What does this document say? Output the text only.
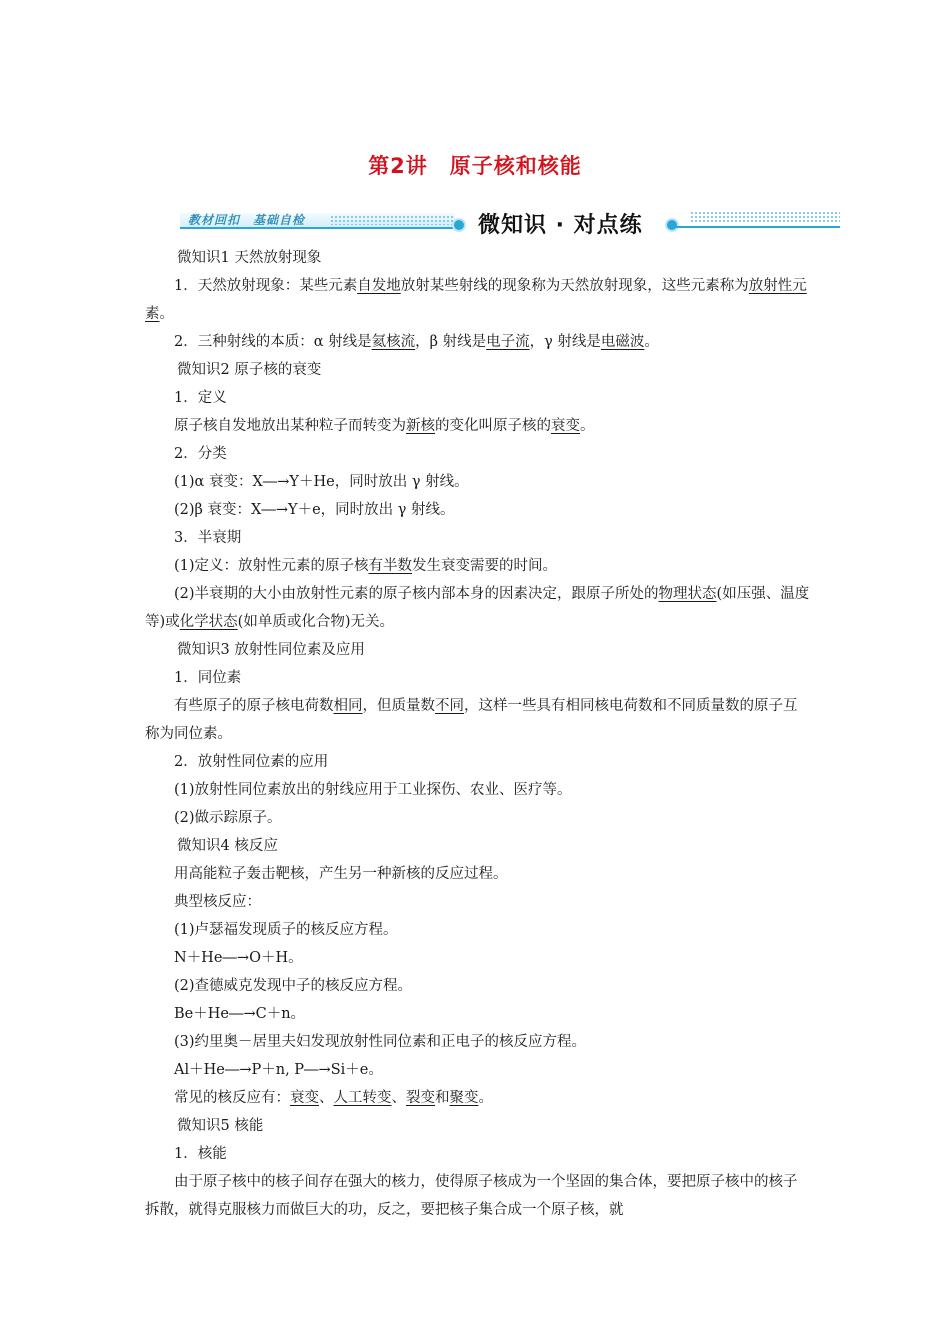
第2讲　原子核和核能
教材回扣　基础自检	微知识 · 对点练

微知识1 天然放射现象

1．天然放射现象：某些元素自发地放射某些射线的现象称为天然放射现象，这些元素称为放射性元素。

2．三种射线的本质：α 射线是氦核流，β 射线是电子流，γ 射线是电磁波。

微知识2 原子核的衰变

1．定义

原子核自发地放出某种粒子而转变为新核的变化叫原子核的衰变。

2．分类

(1)α 衰变：X―→Y＋He，同时放出 γ 射线。

(2)β 衰变：X―→Y＋e，同时放出 γ 射线。

3．半衰期

(1)定义：放射性元素的原子核有半数发生衰变需要的时间。

(2)半衰期的大小由放射性元素的原子核内部本身的因素决定，跟原子所处的物理状态(如压强、温度等)或化学状态(如单质或化合物)无关。

微知识3 放射性同位素及应用

1．同位素

有些原子的原子核电荷数相同，但质量数不同，这样一些具有相同核电荷数和不同质量数的原子互称为同位素。

2．放射性同位素的应用

(1)放射性同位素放出的射线应用于工业探伤、农业、医疗等。

(2)做示踪原子。

微知识4 核反应

用高能粒子轰击靶核，产生另一种新核的反应过程。

典型核反应：

(1)卢瑟福发现质子的核反应方程。

N＋He―→O＋H。

(2)查德威克发现中子的核反应方程。

Be＋He―→C＋n。

(3)约里奥－居里夫妇发现放射性同位素和正电子的核反应方程。

Al＋He―→P＋n, P―→Si＋e。

常见的核反应有：衰变、人工转变、裂变和聚变。

微知识5 核能

1．核能

由于原子核中的核子间存在强大的核力，使得原子核成为一个坚固的集合体，要把原子核中的核子拆散，就得克服核力而做巨大的功，反之，要把核子集合成一个原子核，就
